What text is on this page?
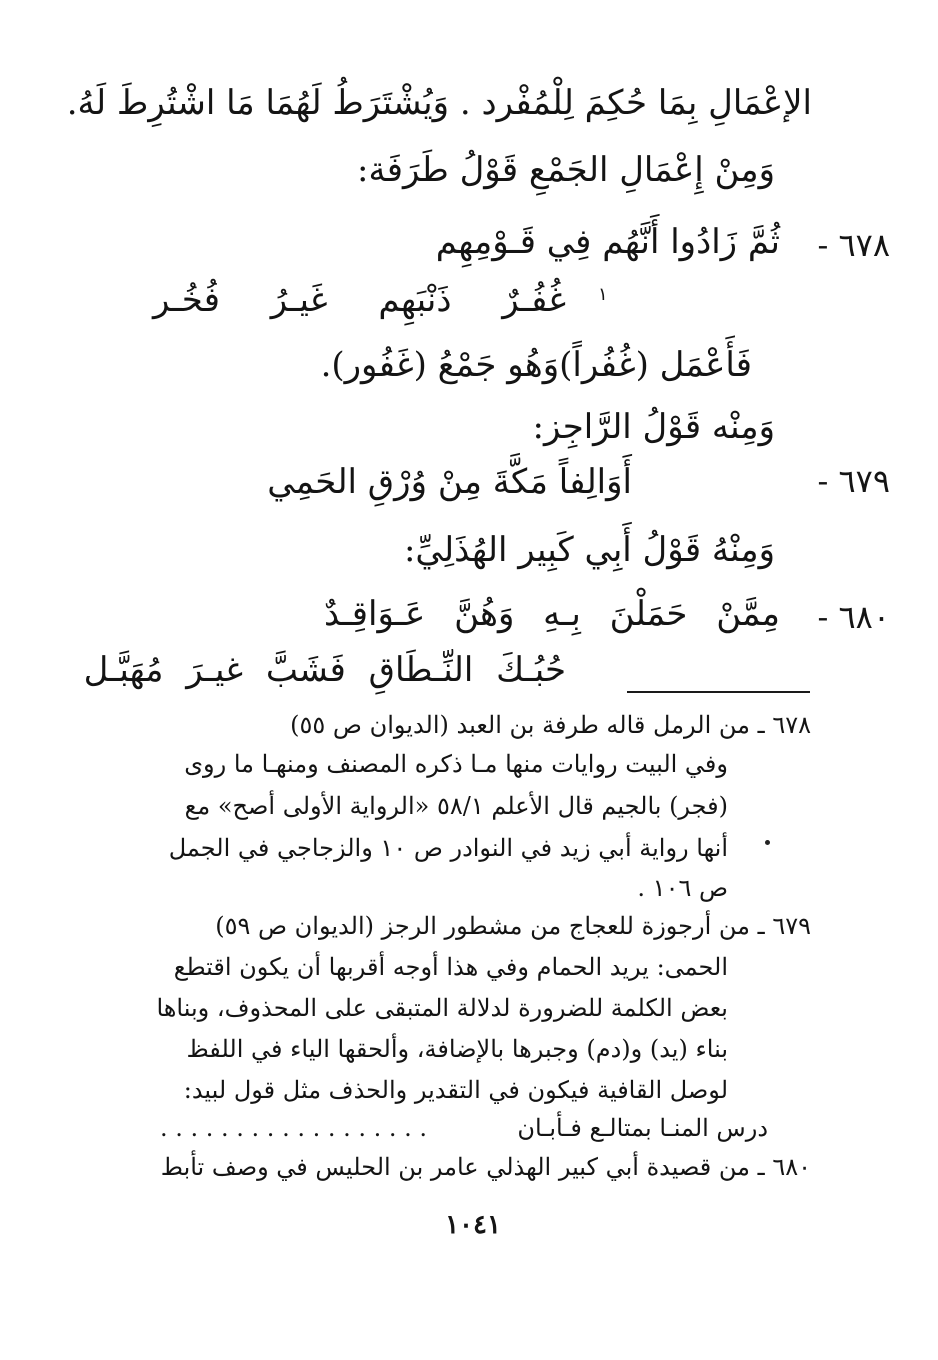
الإعْمَالِ بِمَا حُكِمَ لِلْمُفْرد . وَيُشْتَرَطُ لَهُمَا مَا اشْتُرِطَ لَهُ.
وَمِنْ إِعْمَالِ الجَمْعِ قَوْلُ طَرَفَة:
٦٧٨ -
ثُمَّ زَادُوا أَنَّهُم فِي قَـوْمِهِم
١
غُفُـرٌ ذَنْبَهِم غَيـرُ فُخُـر
فَأَعْمَل (غُفُراً)وَهُو جَمْعُ (غَفُور).
وَمِنْه قَوْلُ الرَّاجِز:
٦٧٩ -
أَوَالِفاً مَكَّةَ مِنْ وُرْقِ الحَمِي
وَمِنْهُ قَوْلُ أَبِي كَبِير الهُذَلِيِّ:
٦٨٠ -
مِمَّنْ حَمَلْنَ بِـهِ وَهُنَّ عَـوَاقِـدٌ
حُبُـكَ النِّـطَاقِ فَشَبَّ غيـرَ مُهَبَّـل
٦٧٨ ـ من الرمل قاله طرفة بن العبد (الديوان ص ٥٥)
وفي البيت روايات منها مـا ذكره المصنف ومنهـا ما روى
(فجر) بالجيم قال الأعلم ٥٨/١ «الرواية الأولى أصح» مع
أنها رواية أبي زيد في النوادر ص ١٠ والزجاجي في الجمل
ص ١٠٦ .
٦٧٩ ـ من أرجوزة للعجاج من مشطور الرجز (الديوان ص ٥٩)
الحمى: يريد الحمام وفي هذا أوجه أقربها أن يكون اقتطع
بعض الكلمة للضرورة لدلالة المتبقى على المحذوف، وبناها
بناء (يد) و(دم) وجبرها بالإضافة، وألحقها الياء في اللفظ
لوصل القافية فيكون في التقدير والحذف مثل قول لبيد:
درس المنـا بمتالـع فـأبـان
. . . . . . . . . . . . . . . . . .
٦٨٠ ـ من قصيدة أبي كبير الهذلي عامر بن الحليس في وصف تأبط
١٠٤١
